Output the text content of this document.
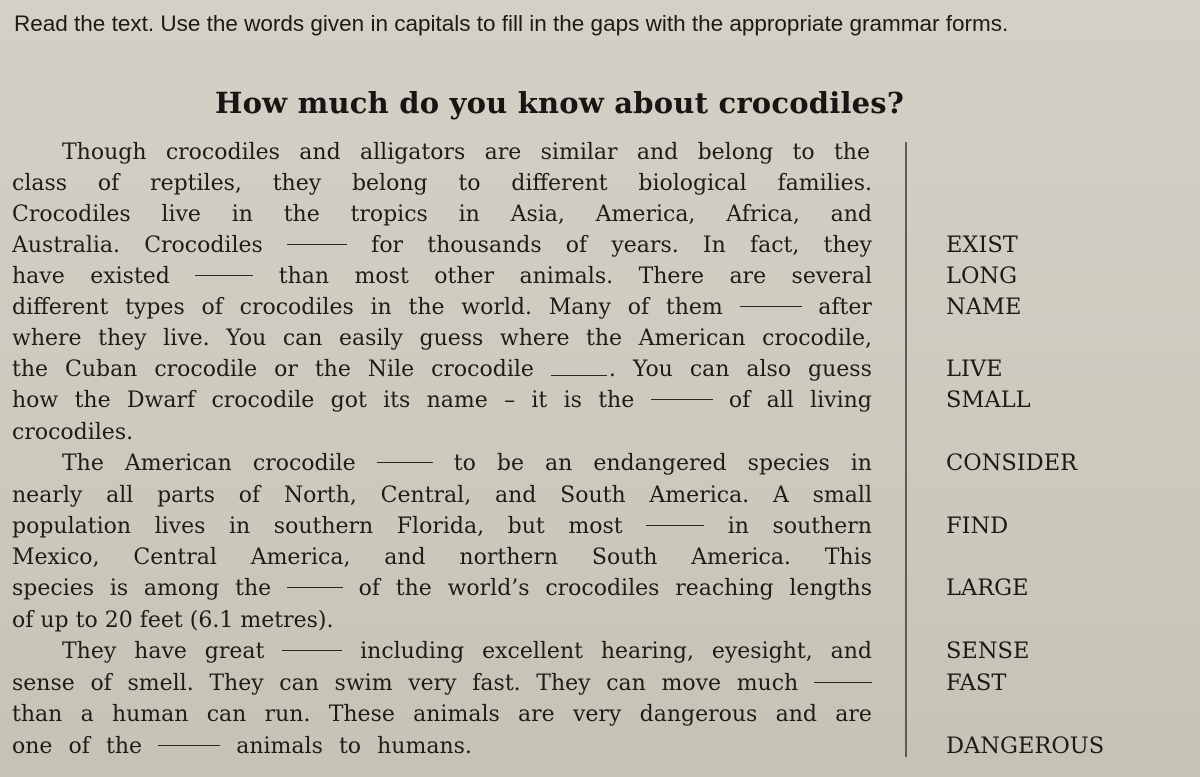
Read the text. Use the words given in capitals to fill in the gaps with the appropriate grammar forms.
How much do you know about crocodiles?
Though crocodiles and alligators are similar and belong to the
class of reptiles, they belong to different biological families.
Crocodiles live in the tropics in Asia, America, Africa, and
Australia. Crocodiles	for thousands of years. In fact, they
have existed	than most other animals. There are several
different types of crocodiles in the world. Many of them	after
where they live. You can easily guess where the American crocodile,
the Cuban crocodile or the Nile crocodile	. You can also guess
how the Dwarf crocodile got its name – it is the	of all living
crocodiles.
The American crocodile	to be an endangered species in
nearly all parts of North, Central, and South America. A small
population lives in southern Florida, but most	in southern
Mexico, Central America, and northern South America. This
species is among the	of the world’s crocodiles reaching lengths
of up to 20 feet (6.1 metres).
They have great	including excellent hearing, eyesight, and
sense of smell. They can swim very fast. They can move much
than a human can run. These animals are very dangerous and are
one of the	animals to humans.
EXIST
LONG
NAME
LIVE
SMALL
CONSIDER
FIND
LARGE
SENSE
FAST
DANGEROUS
